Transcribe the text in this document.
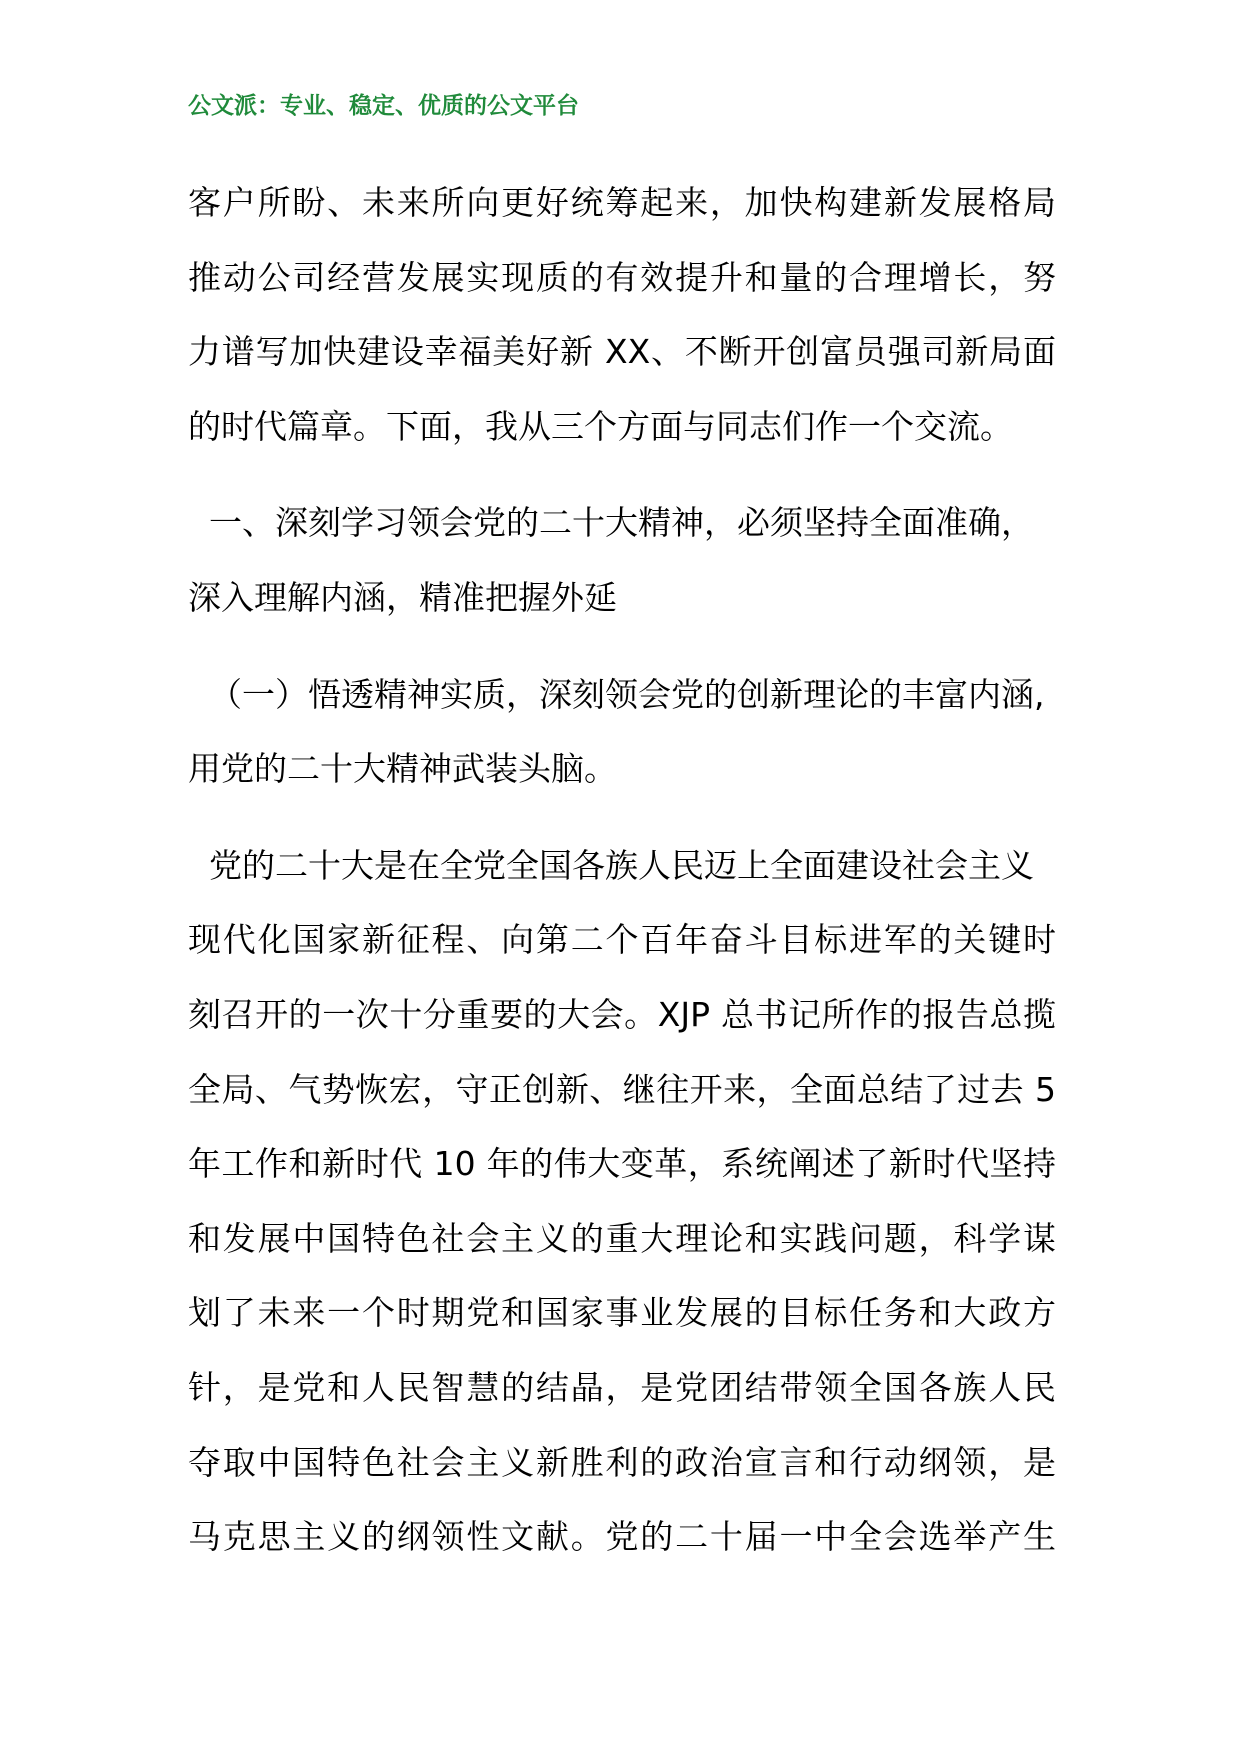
公文派：专业、稳定、优质的公文平台
客户所盼、未来所向更好统筹起来，加快构建新发展格局
推动公司经营发展实现质的有效提升和量的合理增长，努
力谱写加快建设幸福美好新 XX、不断开创富员强司新局面
的时代篇章。下面，我从三个方面与同志们作一个交流。
一、深刻学习领会党的二十大精神，必须坚持全面准确，
深入理解内涵，精准把握外延
（一）悟透精神实质，深刻领会党的创新理论的丰富内涵,
用党的二十大精神武装头脑。
党的二十大是在全党全国各族人民迈上全面建设社会主义
现代化国家新征程、向第二个百年奋斗目标进军的关键时
刻召开的一次十分重要的大会。XJP 总书记所作的报告总揽
全局、气势恢宏，守正创新、继往开来，全面总结了过去 5
年工作和新时代 10 年的伟大变革，系统阐述了新时代坚持
和发展中国特色社会主义的重大理论和实践问题，科学谋
划了未来一个时期党和国家事业发展的目标任务和大政方
针，是党和人民智慧的结晶，是党团结带领全国各族人民
夺取中国特色社会主义新胜利的政治宣言和行动纲领，是
马克思主义的纲领性文献。党的二十届一中全会选举产生
